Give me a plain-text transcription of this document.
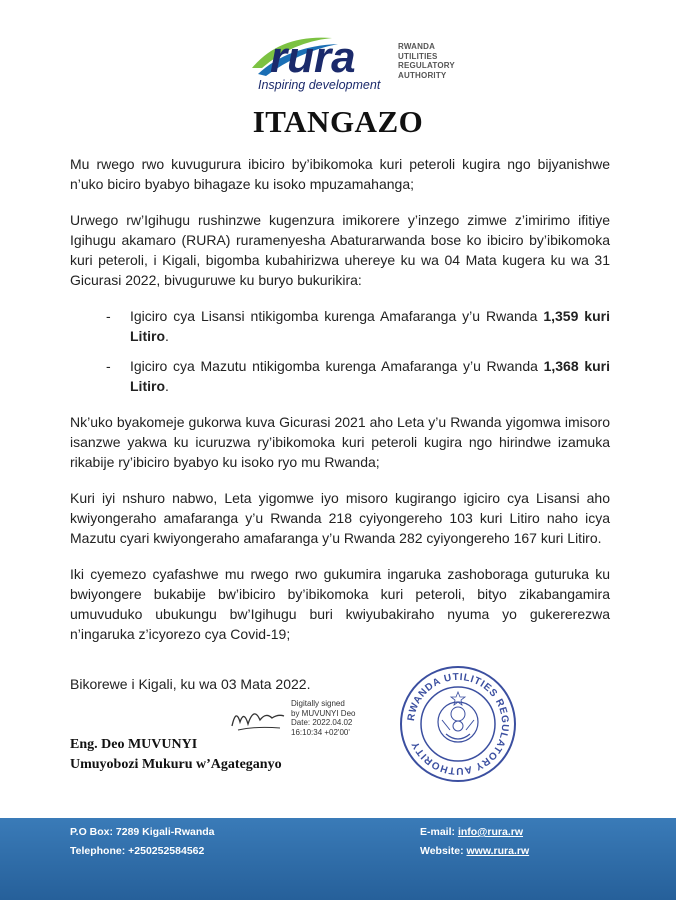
rura	RWANDA
UTILITIES
REGULATORY
AUTHORITY
Inspiring development
ITANGAZO

Mu rwego rwo kuvugurura ibiciro by’ibikomoka kuri peteroli kugira ngo bijyanishwe n’uko biciro byabyo bihagaze ku isoko mpuzamahanga;

Urwego rw’Igihugu rushinzwe kugenzura imikorere y’inzego zimwe z’imirimo ifitiye Igihugu akamaro (RURA) ruramenyesha Abaturarwanda bose ko ibiciro by’ibikomoka kuri peteroli, i Kigali, bigomba kubahirizwa uhereye ku wa 04 Mata kugera ku wa 31 Gicurasi 2022, bivuguruwe ku buryo bukurikira:

- Igiciro cya Lisansi ntikigomba kurenga Amafaranga y’u Rwanda 1,359 kuri Litiro.
- Igiciro cya Mazutu ntikigomba kurenga Amafaranga y’u Rwanda 1,368 kuri Litiro.

Nk’uko byakomeje gukorwa kuva Gicurasi 2021 aho Leta y’u Rwanda yigomwa imisoro isanzwe yakwa ku icuruzwa ry’ibikomoka kuri peteroli kugira ngo hirindwe izamuka rikabije ry’ibiciro byabyo ku isoko ryo mu Rwanda;

Kuri iyi nshuro nabwo, Leta yigomwe iyo misoro kugirango igiciro cya Lisansi aho kwiyongeraho amafaranga y’u Rwanda 218 cyiyongereho 103 kuri Litiro naho icya Mazutu cyari kwiyongeraho amafaranga y’u Rwanda 282 cyiyongereho 167 kuri Litiro.

Iki cyemezo cyafashwe mu rwego rwo gukumira ingaruka zashoboraga guturuka ku bwiyongere bukabije bw’ibiciro by’ibikomoka kuri peteroli, bityo zikabangamira umuvuduko ubukungu bw’Igihugu buri kwiyubakiraho nyuma yo gukererezwa n’ingaruka z’icyorezo cya Covid-19;

Bikorewe i Kigali, ku wa 03 Mata 2022.
Digitally signed
by MUVUNYI Deo
Date: 2022.04.02
16:10:34 +02'00'
Eng. Deo MUVUNYI
Umuyobozi Mukuru w’Agateganyo
RWANDA UTILITIES REGULATORY AUTHORITY
P.O Box: 7289 Kigali-Rwanda
Telephone: +250252584562
E-mail: info@rura.rw
Website: www.rura.rw
